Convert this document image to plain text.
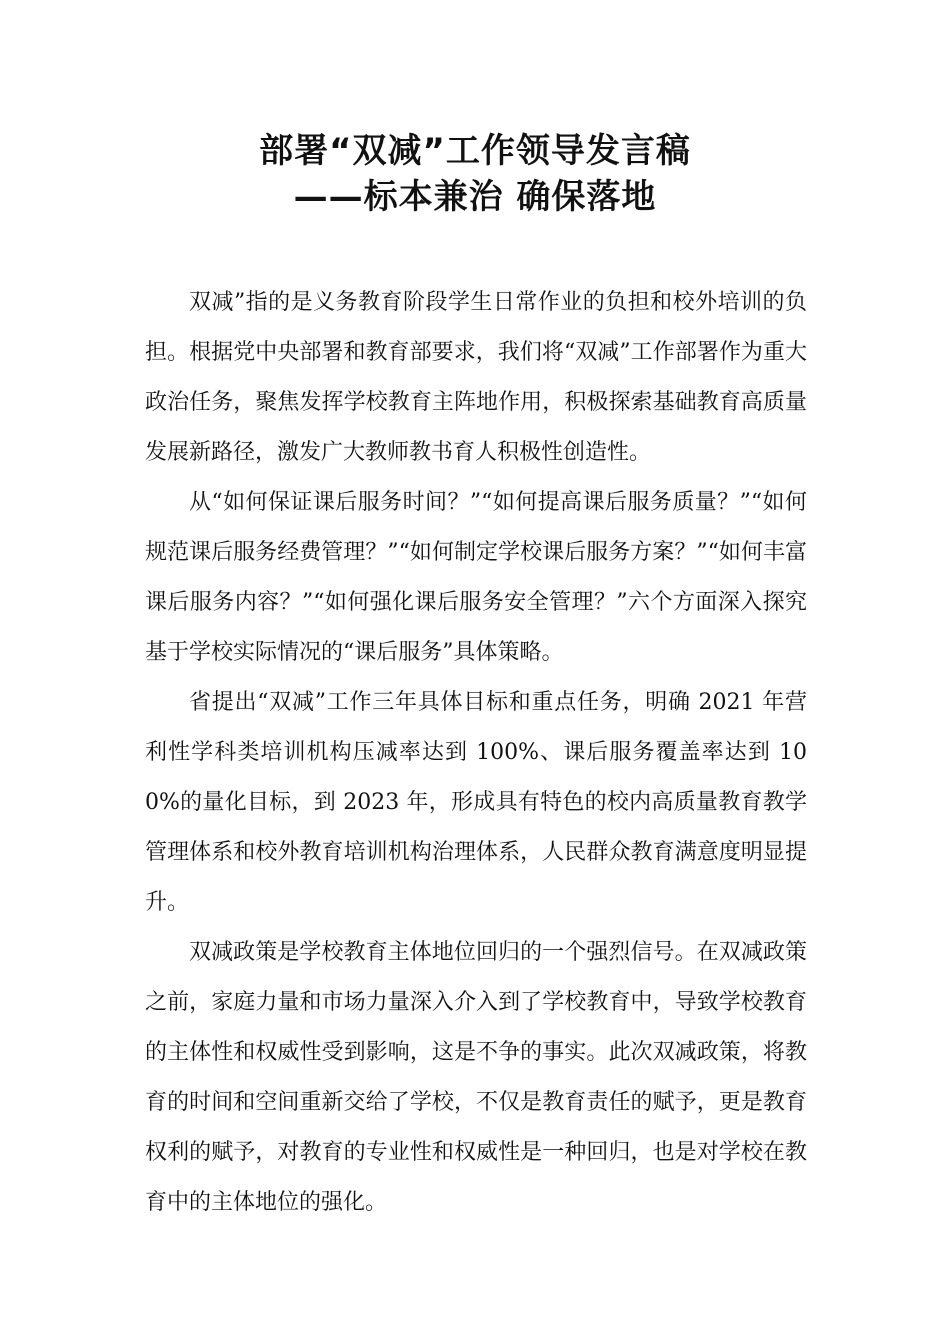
部署“双减”工作领导发言稿
——标本兼治 确保落地

双减”指的是义务教育阶段学生日常作业的负担和校外培训的负担。根据党中央部署和教育部要求，我们将“双减”工作部署作为重大政治任务，聚焦发挥学校教育主阵地作用，积极探索基础教育高质量发展新路径，激发广大教师教书育人积极性创造性。

从“如何保证课后服务时间？”“如何提高课后服务质量？”“如何规范课后服务经费管理？”“如何制定学校课后服务方案？”“如何丰富课后服务内容？”“如何强化课后服务安全管理？”六个方面深入探究基于学校实际情况的“课后服务”具体策略。

省提出“双减”工作三年具体目标和重点任务，明确 2021 年营利性学科类培训机构压减率达到 100%、课后服务覆盖率达到 100%的量化目标，到 2023 年，形成具有特色的校内高质量教育教学管理体系和校外教育培训机构治理体系，人民群众教育满意度明显提升。

双减政策是学校教育主体地位回归的一个强烈信号。在双减政策之前，家庭力量和市场力量深入介入到了学校教育中，导致学校教育的主体性和权威性受到影响，这是不争的事实。此次双减政策，将教育的时间和空间重新交给了学校，不仅是教育责任的赋予，更是教育权利的赋予，对教育的专业性和权威性是一种回归，也是对学校在教育中的主体地位的强化。
